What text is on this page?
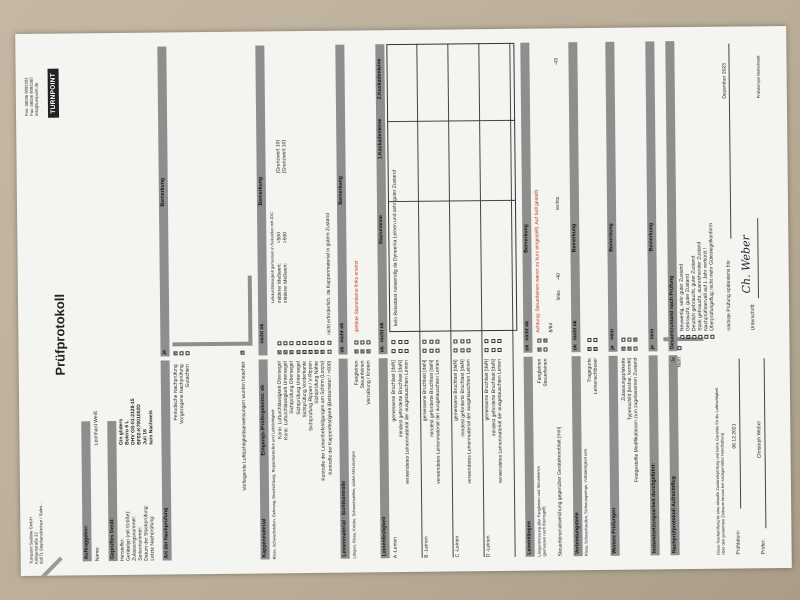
Turnpoint Seitlinie GmbH Kilingerstraße 32 83071 Stephanskirchen / Sales...
Fon: 08036 9092281 Fax: 08036 9092280 info@turnpoint.de	TURNPOINT
Prüfprotokoll
Auftraggeber: Name:
Leonhard Weiß
Geprüftes Gerät: Hersteller: Gerätetyp (mit Größe): Zulassungsnummer: Seriennummer: Datum der Stückprüfung: Letzte Nachprüfung:
Gin gliders Bolero 6 L DHV GS-01-2128-15 BF02-K7001002D Juli 16 kein Nachweis
Art der Nachprüfung
ja
Bemerkung
Periodische Nachprüfung Vorgezogene Nachprüfung Gutachten
✓	Vorliegende Lufttüchtigkeitsanweisungen wurden beachtet
✓
Kappenmaterial
Eingangs-/Prüfergebniss: ok
nicht ok
Bemerkung
Risse, Schwachstellen, Dehnung, Beschichtung, Reparaturstellen und Lufttüchtigkeit
Kontr. Lufturchlässigkeit Obersegel Kontr. Lufturchlässigkeit Untersegel Sichtprüfung Obersegel Sichtprüfung Untersegel Sichtprüfung Vorderkante Sichtprüfung Rippen / V-Rippen Sichtprüfung Nähte Kontrolle der Leinenbefestigungen am Schirm (Loops)
Kontrolle der Kappenfestigkeit (Bettsometer / >600)
✓
✓
✓
✓
✓
✓
✓
✓
Luftdurchlässigkeit gemessen in Sekunden mit JDC mittlerer Meßwert:
>500
(Grenzwert 10)
mittlerer Meßwert:
>500
(Grenzwert 10)
nicht erforderlich, da Kappenmaterial in gutem Zustand
Leinenmaterial - Sichtkontrolle
ok
nicht ok
Bemerkung
Längen, Risse, Knicke, Schwachstellen, starke Abnutzungen
Fangleinen Steuerleinen Vernähung / Knoten
✓
✓
✓
defekte Stammleine links ersetzt
Leinenfestigkeit
ok
nicht ok
Stammleine
1.Kaskadenleine
2.Kaskadenleine
A -Leinen
gemessene Bruchlast [daN] mindest geforderte Bruchlast [daN] verwendetes Leinenmaterial der ausgetauschten Leinen
B -Leinen
gemessene Bruchlast [daN] mindest geforderte Bruchlast [daN] verwendetes Leinenmaterial der ausgetauschten Leinen
C -Leinen
gemessene Bruchlast [daN] mindest geforderte Bruchlast [daN] verwendetes Leinenmaterial der ausgetauschten Leinen
D -Leinen
gemessene Bruchlast [daN] mindest geforderte Bruchlast [daN] verwendetes Leinenmaterial der ausgetauschten Leinen
kein Reissttest notwendig da Dyneema Leinen und sehr guter Zustand
Leinenlängen
ok
nicht ok
Bemerkung
Längenmessung aller Fangleinen und Steuerleinen (gemessen nach Bremsgriff)
Fangleinen Steuerleinen
✓
✓
Achtung: Steuerleinen waren zu kurz eingestellt. Auf Soll gestellt
Steuerleinenabweichung gegenüber Gerätekennblatt [mm]
8/64
links
-40
rechts
-43
Verbindungsteile
ok
nicht ok
Bemerkung
Risse, Schwachstellen, Sicherungsringe, Vollständigkeit usw.
Tragegurte Leinenschlösser
✓
✓
Weitere Prüfungen
ja
nein
Bemerkung
Zulassungsplakette Typenschild (lesbar, korrekt) Festgestellte Modifikationen zum zugelassenen Zustand
✓
✓
✓
Instandsetzungsarbeit durchgeführt:
ja
nein
Bemerkung
Nachprüfprotokoll Aufrechtflug
Ja Nein
✓
Gesamtzustand nach Prüfung Neuwertig, sehr guter Zustand Gebraucht, guter Zustand Deutlich gebraucht, guter Zustand Stark gebraucht, ausreichender Zustand Nachprüfintervall auf 1 Jahr verkürzt !
Überprüfungsflug; nicht mehr Gütesiegelkonform
✓
Diese Nachprüfung ist eine aktuelle Zustandsprüfung und keine Garantie für die Lufttüchtigkeit
über den genannten Zeitraum hinaus bei sachgemäßer Handhabung Prüfdatum:
06.12.2021
Prüfer:
Christoph Weber
nächste Prüfung spätestens bis:
Dezember 2023
Unterschrift:
Ch. Weber
Prüfstempel Betriebstatt
